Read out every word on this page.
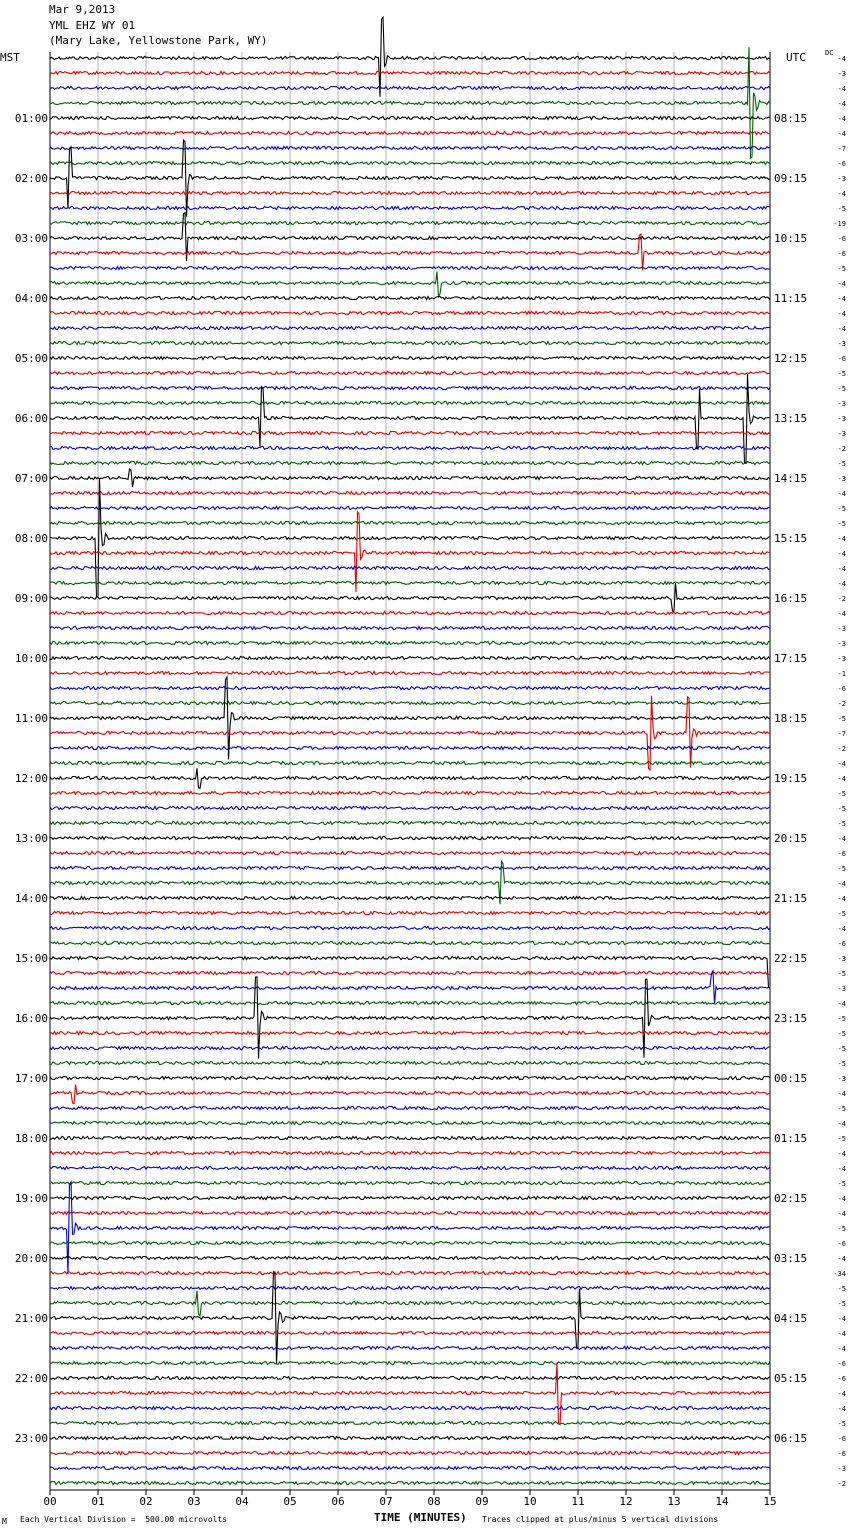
Mar 9,2013
YML EHZ WY 01
(Mary Lake, Yellowstone Park, WY)
MST	UTC	DC
00	01	02	03	04	05	06	07	08	09	10	11	12	13	14	15
-4
-3
-4
-4
-4
-4
-7
-6
-3
-4
-5
-19
-6
-6
-5
-4
-4
-4
-4
-3
-6
-5
-5
-3
-3
-3
-2
-5
-3
-4
-5
-5
-4
-4
-4
-4
-2
-4
-3
-3
-3
-1
-6
-2
-5
-7
-2
-4
-4
-5
-5
-5
-4
-6
-5
-4
-4
-5
-4
-6
-3
-5
-3
-4
-5
-5
-5
-5
-3
-4
-5
-4
-5
-4
-4
-5
-4
-4
-5
-6
-4
-34
-5
-5
-4
-4
-4
-6
-6
-4
-4
-5
-6
-6
-3
-2
01:00	08:15
02:00	09:15
03:00	10:15
04:00	11:15
05:00	12:15
06:00	13:15
07:00	14:15
08:00	15:15
09:00	16:15
10:00	17:15
11:00	18:15
12:00	19:15
13:00	20:15
14:00	21:15
15:00	22:15
16:00	23:15
17:00	00:15
18:00	01:15
19:00	02:15
20:00	03:15
21:00	04:15
22:00	05:15
23:00	06:15
M Each Vertical Division =  500.00 microvolts	TIME (MINUTES) Traces clipped at plus/minus 5 vertical divisions
